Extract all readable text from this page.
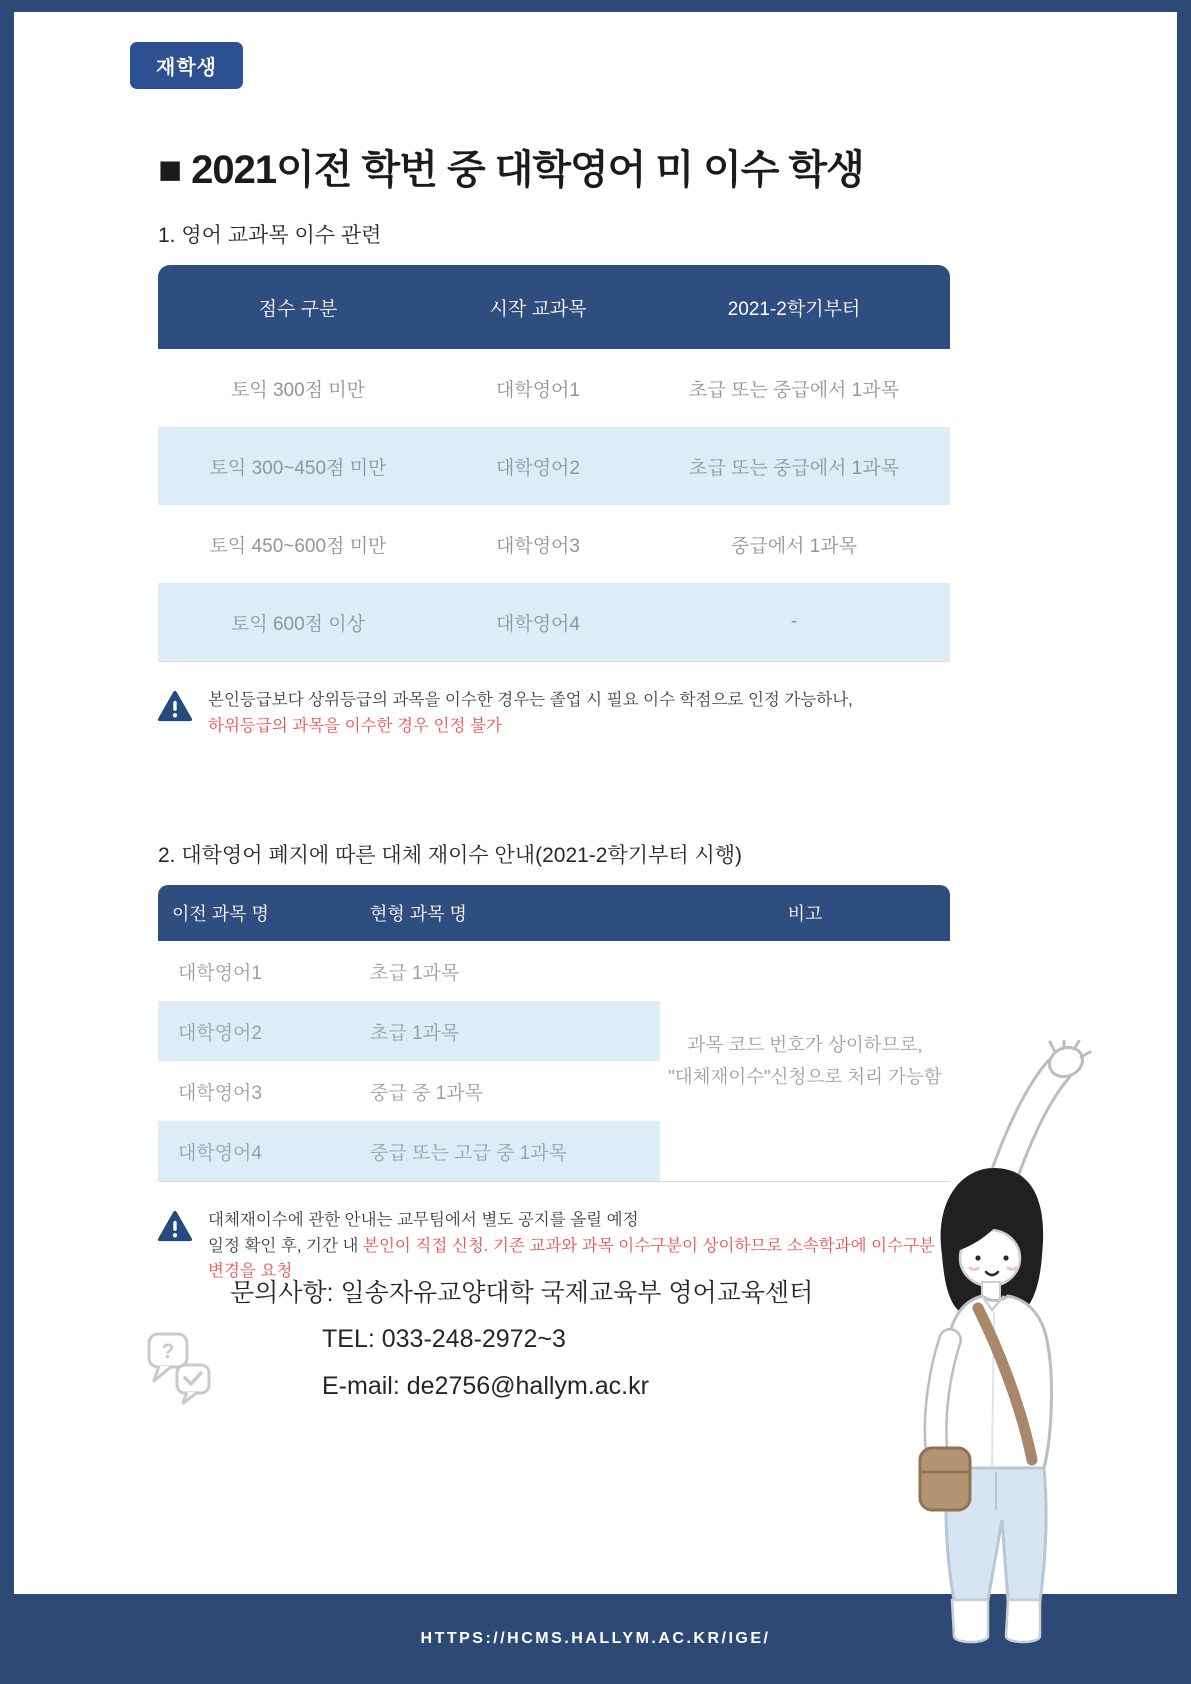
재학생
■ 2021이전 학번 중 대학영어 미 이수 학생
1. 영어 교과목 이수 관련
점수 구분	시작 교과목	2021-2학기부터
토익 300점 미만	대학영어1	초급 또는 중급에서 1과목
토익 300~450점 미만	대학영어2	초급 또는 중급에서 1과목
토익 450~600점 미만	대학영어3	중급에서 1과목
토익 600점 이상	대학영어4	-
본인등급보다 상위등급의 과목을 이수한 경우는 졸업 시 필요 이수 학점으로 인정 가능하나,
하위등급의 과목을 이수한 경우 인정 불가
2. 대학영어 폐지에 따른 대체 재이수 안내(2021-2학기부터 시행)
이전 과목 명	현형 과목 명	비고
대학영어1	초급 1과목
대학영어2	초급 1과목
대학영어3	중급 중 1과목
대학영어4	중급 또는 고급 중 1과목
과목 코드 번호가 상이하므로,
"대체재이수"신청으로 처리 가능함
대체재이수에 관한 안내는 교무팀에서 별도 공지를 올릴 예정
일정 확인 후, 기간 내 본인이 직접 신청. 기존 교과와 과목 이수구분이 상이하므로 소속학과에 이수구분 변경을 요청
?
문의사항: 일송자유교양대학 국제교육부 영어교육센터
TEL: 033-248-2972~3
E-mail: de2756@hallym.ac.kr
HTTPS://HCMS.HALLYM.AC.KR/IGE/
